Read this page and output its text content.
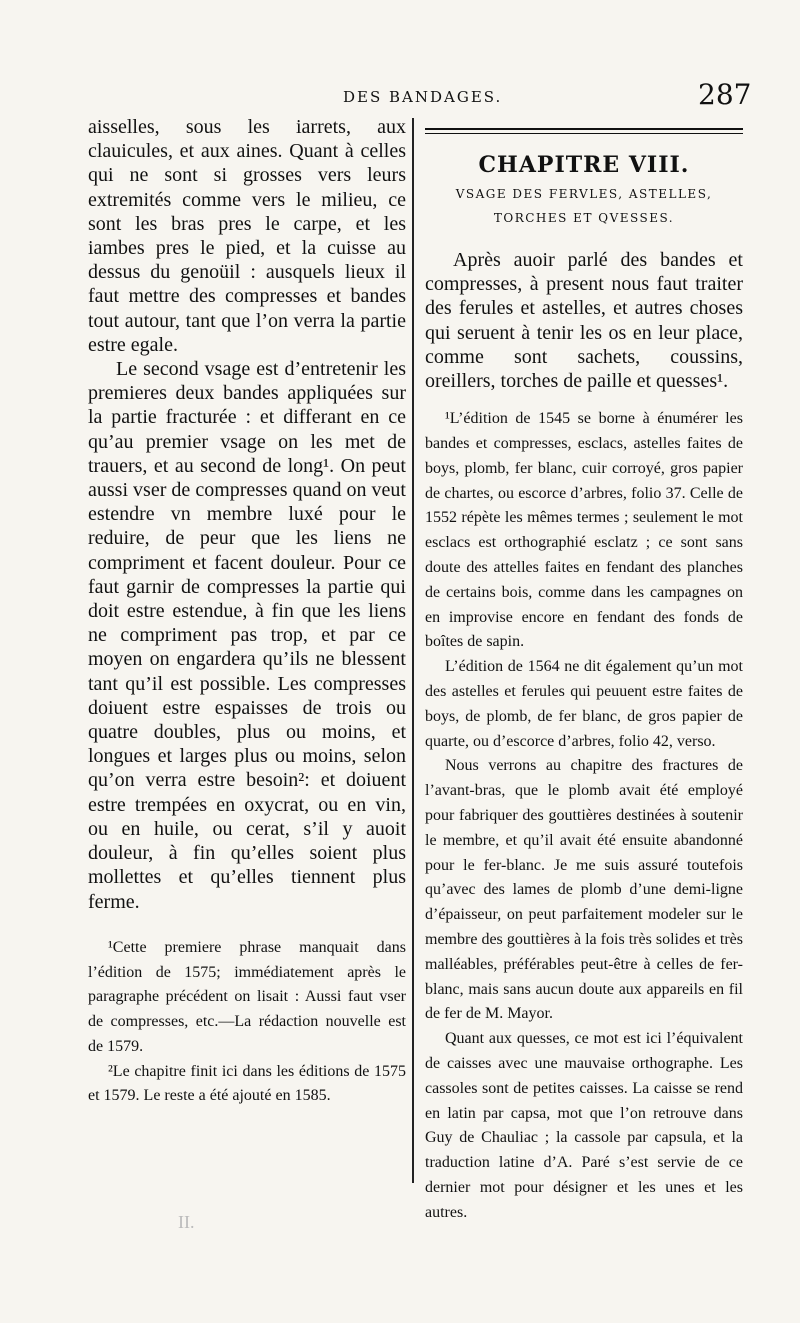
DES BANDAGES.	287

aisselles, sous les iarrets, aux clauicules, et aux aines. Quant à celles qui ne sont si grosses vers leurs extremités comme vers le milieu, ce sont les bras pres le carpe, et les iambes pres le pied, et la cuisse au dessus du genoüil : ausquels lieux il faut mettre des compresses et bandes tout autour, tant que l’on verra la partie estre egale.

Le second vsage est d’entretenir les premieres deux bandes appliquées sur la partie fracturée : et differant en ce qu’au premier vsage on les met de trauers, et au second de long¹. On peut aussi vser de compresses quand on veut estendre vn membre luxé pour le reduire, de peur que les liens ne compriment et facent douleur. Pour ce faut garnir de compresses la partie qui doit estre estendue, à fin que les liens ne compriment pas trop, et par ce moyen on engardera qu’ils ne blessent tant qu’il est possible. Les compresses doiuent estre espaisses de trois ou quatre doubles, plus ou moins, et longues et larges plus ou moins, selon qu’on verra estre besoin²: et doiuent estre trempées en oxycrat, ou en vin, ou en huile, ou cerat, s’il y auoit douleur, à fin qu’elles soient plus mollettes et qu’elles tiennent plus ferme.

¹Cette premiere phrase manquait dans l’édition de 1575; immédiatement après le paragraphe précédent on lisait : Aussi faut vser de compresses, etc.—La rédaction nouvelle est de 1579.

²Le chapitre finit ici dans les éditions de 1575 et 1579. Le reste a été ajouté en 1585.

CHAPITRE VIII.
VSAGE DES FERVLES, ASTELLES,
TORCHES ET QVESSES.

Après auoir parlé des bandes et compresses, à present nous faut traiter des ferules et astelles, et autres choses qui seruent à tenir les os en leur place, comme sont sachets, coussins, oreillers, torches de paille et quesses¹.

¹L’édition de 1545 se borne à énumérer les bandes et compresses, esclacs, astelles faites de boys, plomb, fer blanc, cuir corroyé, gros papier de chartes, ou escorce d’arbres, folio 37. Celle de 1552 répète les mêmes termes ; seulement le mot esclacs est orthographié esclatz ; ce sont sans doute des attelles faites en fendant des planches de certains bois, comme dans les campagnes on en improvise encore en fendant des fonds de boîtes de sapin.

L’édition de 1564 ne dit également qu’un mot des astelles et ferules qui peuuent estre faites de boys, de plomb, de fer blanc, de gros papier de quarte, ou d’escorce d’arbres, folio 42, verso.

Nous verrons au chapitre des fractures de l’avant-bras, que le plomb avait été employé pour fabriquer des gouttières destinées à soutenir le membre, et qu’il avait été ensuite abandonné pour le fer-blanc. Je me suis assuré toutefois qu’avec des lames de plomb d’une demi-ligne d’épaisseur, on peut parfaitement modeler sur le membre des gouttières à la fois très solides et très malléables, préférables peut-être à celles de fer-blanc, mais sans aucun doute aux appareils en fil de fer de M. Mayor.

Quant aux quesses, ce mot est ici l’équivalent de caisses avec une mauvaise orthographe. Les cassoles sont de petites caisses. La caisse se rend en latin par capsa, mot que l’on retrouve dans Guy de Chauliac ; la cassole par capsula, et la traduction latine d’A. Paré s’est servie de ce dernier mot pour désigner et les unes et les autres.

II.
